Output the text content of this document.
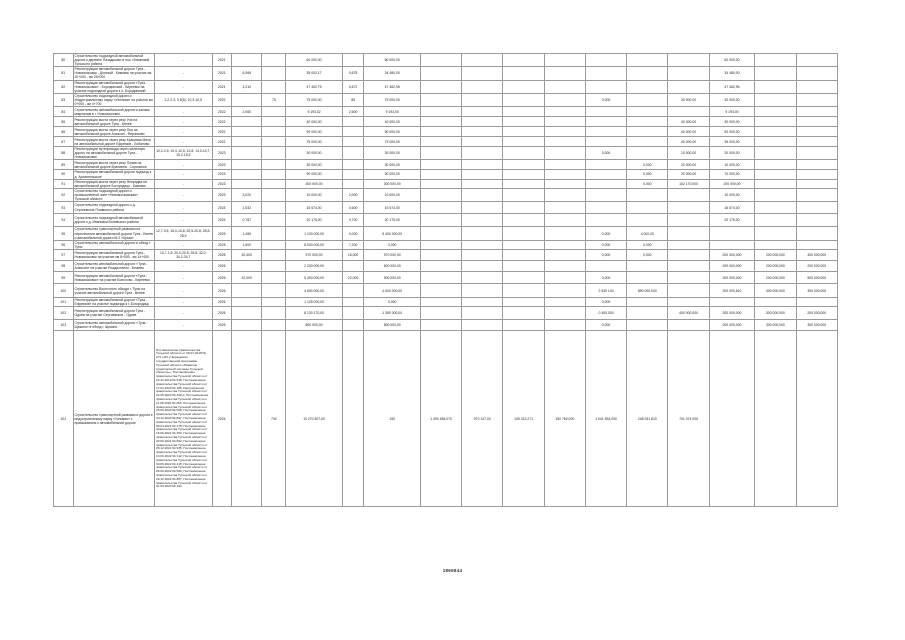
80	Строительство подъездной автомобильной дороги к деревне Пазадьково и пос. Ильинский Тульского района	-	2021			60 000,00		60 000,00								60 000,00		
81	Реконструкция автомобильной дороги Тула - Новомосковск - Донской - Кимовск на участке км 10+000 - км 25+000	-	2021	6,065		35 002,17	0,678	34 480,00								34 480,00		
82	Реконструкция автомобильной дороги «Тула - Новомосковск» - Бородинский - Киреевск на участке подъездной дороги к п. Бородинский	-	2021	4,210		47 462,75	0,672	47 462,96								47 462,96		
83	Строительство подъездной дороги к Индустриальному парку «Узловая» на участке км 0+000 - км 4+700	2,2-2,3; 3,5(5); 10,3-10,5	2022		75	75 000,00	85	75 000,00					0,000		30 000,00	30 000,00		
84	Строительство автомобильной дороги к жилым кварталам в г. Новомосковск	-	2022	2,060		9 193,02	2,600	9 193,00								9 193,00		
85	Реконструкция моста через реку Упа на автомобильной дороге Тула - Белев	-	2022			40 000,00		40 000,00							40 000,00	30 000,00		
86	Реконструкция моста через реку Ока на автомобильной дороге Алексин - Ферзиково	-	2022			90 000,00		90 000,00							40 000,00	50 000,00		
87	Реконструкция моста через реку Красивая Меча на автомобильной дороге Ефремов - Лобаново	-	2022			75 000,00		75 000,00							40 000,00	35 000,00		
88	Реконструкция путепровода через железную дорогу на автомобильной дороге Тула - Новомосковск	10,2-2,5; 10,0-10,5; 12,8; 14,0-14,7; 15,2-15,5	2023			30 000,00		30 000,00					0,000		10 000,00	20 000,00		
89	Реконструкция моста через реку Плава на автомобильной дороге Крапивна - Сорочинка	-	2023			30 000,00		30 000,00						0,000	20 000,00	10 000,00		
90	Реконструкция автомобильной дороги подъезд к д. Архангельское	-	2023			90 000,00		90 000,00						0,000	20 000,00	70 000,00		
91	Реконструкция моста через реку Непрядва на автомобильной дороге Богородицк - Кимовск	-	2023			300 000,00		300 000,00						0,000	102 170,000	200 000,00		
92	Строительство подъездной дороги к промышленной зоне «Новомосковская» Тульской области	-	2023	3,020		10 000,00	2,000	10 000,00								10 000,00		
93	Строительство подъездной дороги к д. Сергиевское Плавского района	-	2024	1,532		16 574,00	0,600	16 574,00								16 574,00		
94	Строительство подъездной автомобильной дороги к д. Ивановка Воловского района	-	2024	0,787		20 175,00	0,700	20 175,00								20 175,00		
95	Строительство транспортной развязки на пересечении автомобильной дороги Тула - Белев и автомобильной дороги М-2 «Крым»	12,7-3,5; 16,0-16,8; 20,5-20,8; 28,8-28,9	2025	1,456		1 100 000,00	0,000	5 400 000,00					0,000	4 000,00				
96	Строительство автомобильной дороги в обход г. Тулы	-	2025	1,500		8 000 000,00	7,200	0,000					0,000	0,000				
97	Реконструкция автомобильной дороги Тула - Новомосковск на участке км 8+500 - км 14+400	10,7-1,5; 20,0-20,5; 25,8; 32,0; 34,2-34,7	2026	20,400		970 000,00	16,000	970 000,00					0,000	0,000		200 000,000	200 000,000	400 000,000
98	Строительство автомобильной дороги «Тула - Алексин» на участке Рождествено - Бежево	-	2026			2 200 000,00		600 000,00								200 000,000	200 000,000	200 000,000
99	Реконструкция автомобильной дороги «Тула - Новомосковск» на участке Болохово - Киреевск	-	2026	22,000		5 400 000,00	22,000	900 000,00					0,000			200 000,000	200 000,000	500 000,000
100	Строительство Восточного обхода г. Тулы на участке автомобильной дороги Тула - Венев	-	2026			4 600 000,00		4 600 000,00					2 630 104	890 000,000		200 000,610	300 000,000	300 000,000
101	Реконструкция автомобильной дороги «Тула - Ефремов» на участке подъезда к г. Богородицк	-	2026			1 125 000,00		0,000					0,000					
102	Реконструкция автомобильной дороги Тула - Одоев на участке Сергиевское - Одоев	-	2026			8 120 170,00		1 350 000,00					0 400,000		400 000,000	200 000,000	300 000,000	200 000,000
103	Строительство автомобильной дороги «Тула - Щекино» в обход г. Щекино	-	2026			800 000,00		800 000,00					0,000			200 000,000	300 000,000	300 000,000
104	Строительство транспортной развязки и дороги к индустриальному парку «Узловая» с примыканием к автомобильной дороге	Постановление правительства Тульской области от 08.07.2018 № 271 «Об утверждении государственной программы Тульской области «Развитие транспортной системы Тульской области»»; Постановление правительства Тульской области от 23.12.2019 № 638; Постановление правительства Тульской области от 17.04.2020 № 185; Распоряжение правительства Тульской области от 22.05.2020 № 340-р; Постановление правительства Тульской области от 11.08.2020 № 454; Постановление правительства Тульской области от 25.09.2020 № 568; Постановление правительства Тульской области от 30.12.2020 № 897; Постановление правительства Тульской области от 09.04.2021 № 178; Постановление правительства Тульской области от 15.06.2021 № 354; Постановление правительства Тульской области от 20.09.2021 № 602; Постановление правительства Тульской области от 28.12.2021 № 935; Постановление правительства Тульской области от 14.03.2022 № 142; Постановление правительства Тульской области от 30.06.2022 № 415; Постановление правительства Тульской области от 26.09.2022 № 590; Постановление правительства Тульской области от 29.12.2022 № 887; Постановление правительства Тульской области от 31.03.2023 № 164	2024		740	10 270 507,00		150	1 000 456,070	970 147,00	105 312,271	150 760,000	1 041 594,000	248 031 810	701 074 000			
1866844
